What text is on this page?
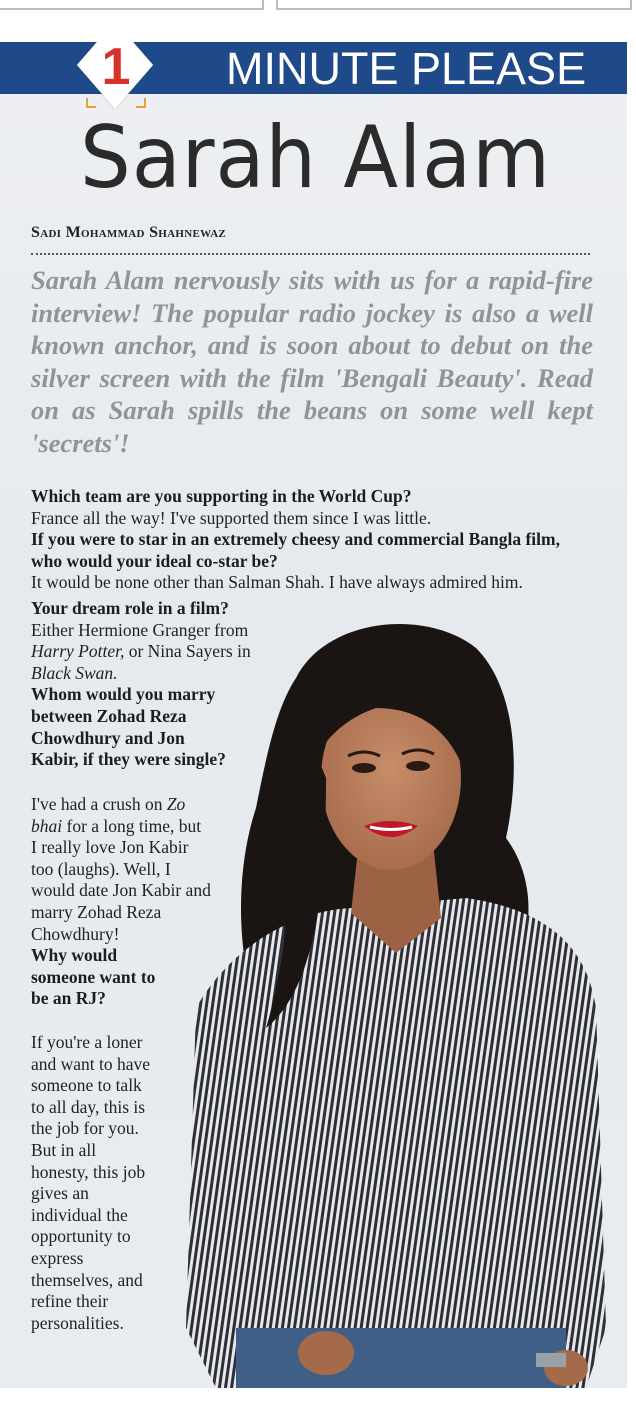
MINUTE PLEASE
1
Sarah Alam
Sadi Mohammad Shahnewaz
Sarah Alam nervously sits with us for a rapid-fire interview! The popular radio jockey is also a well known anchor, and is soon about to debut on the silver screen with the film 'Bengali Beauty'. Read on as Sarah spills the beans on some well kept 'secrets'!
Which team are you supporting in the World Cup?
France all the way! I've supported them since I was little.
If you were to star in an extremely cheesy and commercial Bangla film, who would your ideal co-star be?
It would be none other than Salman Shah. I have always admired him.
Your dream role in a film?
Either Hermione Granger from Harry Potter, or Nina Sayers in Black Swan.
Whom would you marry between Zohad Reza Chowdhury and Jon Kabir, if they were single?
I've had a crush on Zo bhai for a long time, but I really love Jon Kabir too (laughs). Well, I would date Jon Kabir and marry Zohad Reza Chowdhury!
Why would someone want to be an RJ?
If you're a loner and want to have someone to talk to all day, this is the job for you. But in all honesty, this job gives an individual the opportunity to express themselves, and refine their personalities.
